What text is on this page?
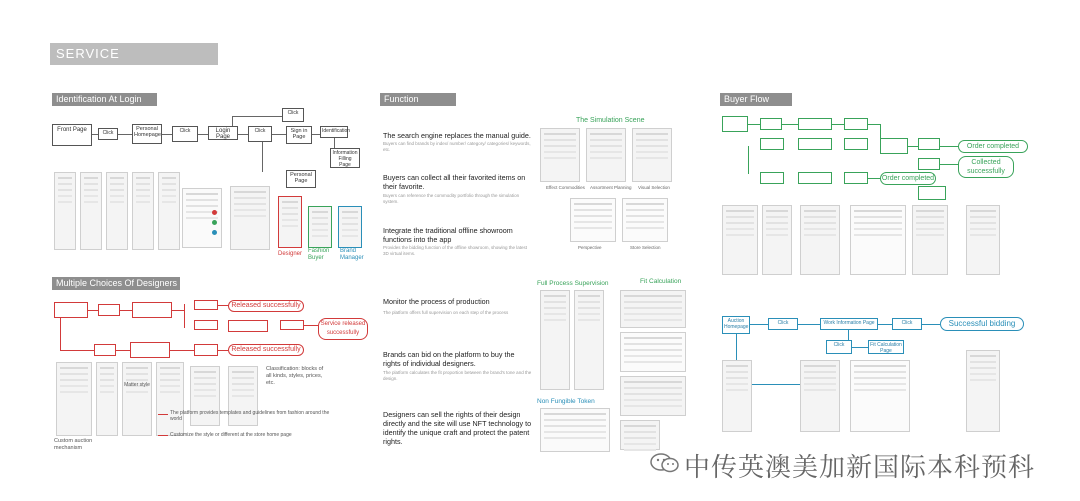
SERVICE OPTIMIZATION
Identification At Login
Multiple Choices Of Designers
Function	Buyer Flow
Front Page	Click
Personal Homepage
Click	Login Page
Click
Click	Sign in Page
Identification
Information Filling Page
Personal Page
Designer Fashion Buyer
Brand Manager
Released successfully
Service released successfully
Released successfully
Matter style
Classification: blocks of all kinds, styles, prices, etc.
The platform provides templates and guidelines from fashion around the world
Customize the style or different at the store home page
Custom auction mechanism
The search engine replaces the manual guide.
Buyers can find brands by index/ number/ category/ categories/ keywords, etc.
Buyers can collect all their favorited items on their favorite.
Buyers can reference the commodity portfolio through the simulation system.
Integrate the traditional offline showroom functions into the app
Provides the bidding function of the offline showroom, showing the latest 3D virtual items.
Monitor the process of production
The platform offers full supervision on each step of the process
Brands can bid on the platform to buy the rights of individual designers.
The platform calculates the fit proportion between the brand's tone and the design.
Designers can sell the rights of their design directly and the site will use NFT technology to identify the unique craft and protect the patent rights.
The Simulation Scene
Effect Commodities Assortment Planning Visual Selection
Perspective	Store Selection
Full Process Supervision	Fit Calculation
Non Fungible Token
Order completed
Collected successfully
Order completed
Auction Homepage
Click	Work Information Page	Click	Successful bidding
Click	Fit Calculation Page
中传英澳美加新国际本科预科
